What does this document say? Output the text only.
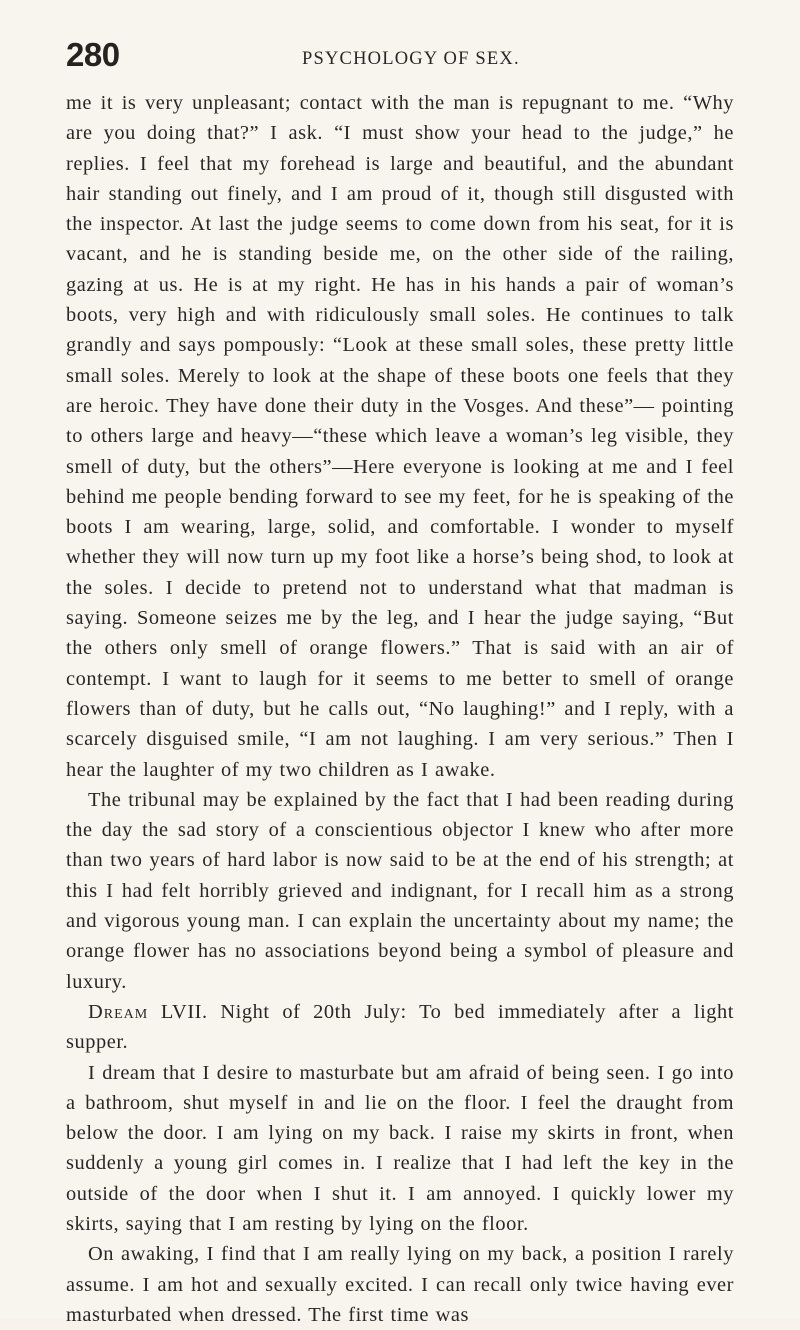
280	PSYCHOLOGY OF SEX.

me it is very unpleasant; contact with the man is repugnant to me. “Why are you doing that?” I ask. “I must show your head to the judge,” he replies. I feel that my forehead is large and beautiful, and the abundant hair standing out finely, and I am proud of it, though still disgusted with the inspector. At last the judge seems to come down from his seat, for it is vacant, and he is standing beside me, on the other side of the railing, gazing at us. He is at my right. He has in his hands a pair of woman’s boots, very high and with ridiculously small soles. He continues to talk grandly and says pompously: “Look at these small soles, these pretty little small soles. Merely to look at the shape of these boots one feels that they are heroic. They have done their duty in the Vosges. And these”— pointing to others large and heavy—“these which leave a woman’s leg visible, they smell of duty, but the others”—Here everyone is looking at me and I feel behind me people bending forward to see my feet, for he is speaking of the boots I am wearing, large, solid, and comfortable. I wonder to myself whether they will now turn up my foot like a horse’s being shod, to look at the soles. I decide to pretend not to understand what that madman is saying. Someone seizes me by the leg, and I hear the judge saying, “But the others only smell of orange flowers.” That is said with an air of contempt. I want to laugh for it seems to me better to smell of orange flowers than of duty, but he calls out, “No laughing!” and I reply, with a scarcely disguised smile, “I am not laughing. I am very serious.” Then I hear the laughter of my two children as I awake.

The tribunal may be explained by the fact that I had been reading during the day the sad story of a conscientious objector I knew who after more than two years of hard labor is now said to be at the end of his strength; at this I had felt horribly grieved and indignant, for I recall him as a strong and vigorous young man. I can explain the uncertainty about my name; the orange flower has no associations beyond being a symbol of pleasure and luxury.

Dream LVII. Night of 20th July: To bed immediately after a light supper.

I dream that I desire to masturbate but am afraid of being seen. I go into a bathroom, shut myself in and lie on the floor. I feel the draught from below the door. I am lying on my back. I raise my skirts in front, when suddenly a young girl comes in. I realize that I had left the key in the outside of the door when I shut it. I am annoyed. I quickly lower my skirts, saying that I am resting by lying on the floor.

On awaking, I find that I am really lying on my back, a position I rarely assume. I am hot and sexually excited. I can recall only twice having ever masturbated when dressed. The first time was
